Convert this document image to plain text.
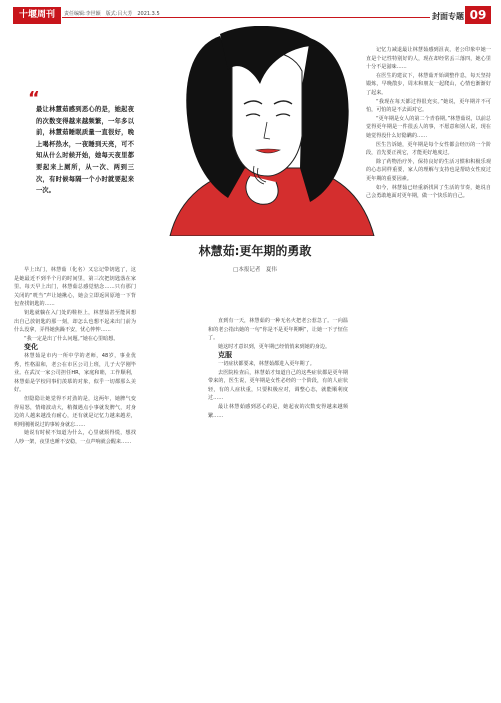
十堰周刊	责任编辑:李世颖　版式:吕大芳　2021.3.5	封面专题 09
“
最让林慧茹感到恶心的是，她起夜的次数变得越来越频繁，一年多以前，林慧茹睡眠质量一直很好，晚上喝杯热水，一夜睡到天亮，可不知从什么时候开始，她每天夜里都要起来上厕所，从一次、两到三次，有时候每隔一个小时就要起来一次。
林慧茹:更年期的勇敢
□本报记者　夏伟

早上出门，林慧茹（化名）又忘记带钥匙了，这是她最近不到半个月的时间里，第三次把钥匙落在家里。每天早上出门，林慧茹总感觉惦念……只有那门关闭的“咣当”声让她揪心，她会立即返回原地一下背包查找钥匙的……

钥匙就躺在入门处的鞋柜上，林慧茹甚至能回想出自己放钥匙的那一刻，却怎么也想不起来出门前为什么没拿，弄得她焦躁不安，忧心忡忡……

“我一定是出了什么问题。”她在心里暗想。

变化

林慧茹是市内一所中学的老师，48岁，事业优秀，性格温和，老公在市区公司上班，儿子大学刚毕业。在武汉一家公司担任HR，家庭和睦，工作顺利，林慧茹是学校同事们羡慕的对象，似乎一切都那么美好。

但隐隐让她觉得不对劲的是，这两年，她脾气变得易怒，情绪波动大，稍微遇点小事就发脾气，对身边的人越来越没有耐心，还有就是记忆力越来越差，明明刚刚说过的事转身就忘……

她说有时候不知道为什么，心里就烦得慌，想找人吵一架，夜里也睡不安稳，一点声响就会醒来……

直到有一天，林慧茹的一种无名火把老公惹急了。一向温和的老公指出她的一句“你是不是更年期啊”，让她一下子怔住了。

她这时才意识到，更年期已经悄悄来到她的身边。

克服

一切症状都要来，林慧茹都进入更年期了。

去医院检查后，林慧茹才知道自己的这些症状都是更年期带来的，医生说，更年期是女性必经的一个阶段，有的人症状轻，有的人症状重，只要积极应对，调整心态，就能顺利度过……

最让林慧茹感到恶心的是，她起夜的次数变得越来越频繁……

记忆力减退最让林慧茹感到沮丧，老公印象中她一直是个记性特别好的人，现在却经常丢三落四，她心里十分不是滋味……

在医生的建议下，林慧茹开始调整作息，每天坚持锻炼，早晚散步，周末和朋友一起爬山，心情也渐渐好了起来。

“我现在每天都过得很充实。”她说，更年期并不可怕，可怕的是不去面对它。

“更年期是女人的第二个青春期。”林慧茹说，以前总觉得更年期是一件很丢人的事，不愿意和别人说，现在她觉得没什么好隐瞒的……

医生告诉她，更年期是每个女性都会经历的一个阶段，首先要正视它，才能更好地度过。

除了药物治疗外，保持良好的生活习惯和积极乐观的心态同样重要，家人的理解与支持也是帮助女性度过更年期的重要因素。

如今，林慧茹已经重新找回了生活的节奏，她说自己会勇敢地面对更年期，做一个快乐的自己。
